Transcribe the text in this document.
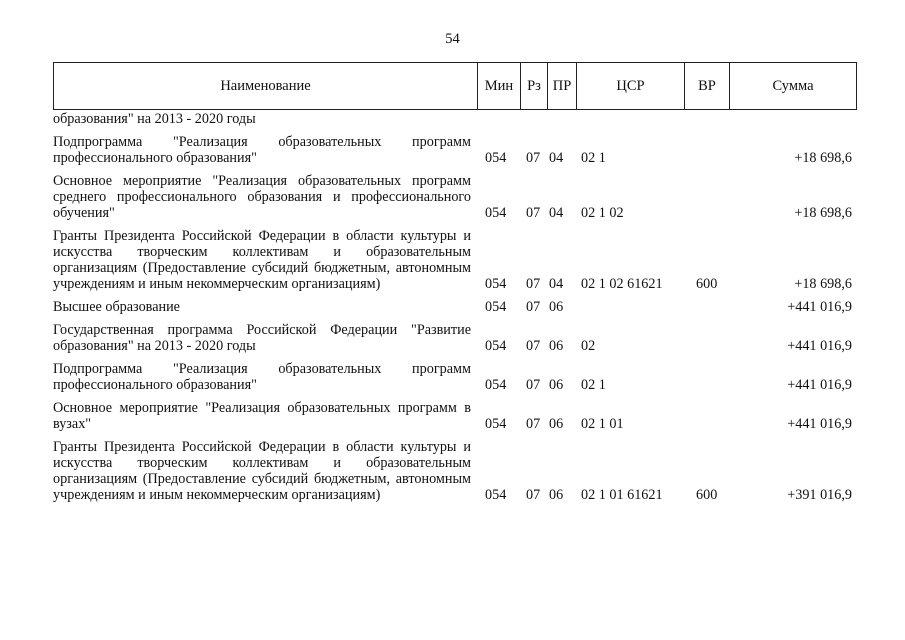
54
Наименование	Мин	Рз	ПР	ЦСР	ВР	Сумма
образования" на 2013 - 2020 годы						
Подпрограмма "Реализация образовательных программ профессионального образования"	054	07	04	02 1		+18 698,6
Основное мероприятие "Реализация образовательных программ среднего профессионального образования и профессионального обучения"	054	07	04	02 1 02		+18 698,6
Гранты Президента Российской Федерации в области культуры и искусства творческим коллективам и образовательным организациям (Предоставление субсидий бюджетным, автономным учреждениям и иным некоммерческим организациям)	054	07	04	02 1 02 61621	600	+18 698,6
Высшее образование	054	07	06			+441 016,9
Государственная программа Российской Федерации "Развитие образования" на 2013 - 2020 годы	054	07	06	02		+441 016,9
Подпрограмма "Реализация образовательных программ профессионального образования"	054	07	06	02 1		+441 016,9
Основное мероприятие "Реализация образовательных программ в вузах"	054	07	06	02 1 01		+441 016,9
Гранты Президента Российской Федерации в области культуры и искусства творческим коллективам и образовательным организациям (Предоставление субсидий бюджетным, автономным учреждениям и иным некоммерческим организациям)	054	07	06	02 1 01 61621	600	+391 016,9
